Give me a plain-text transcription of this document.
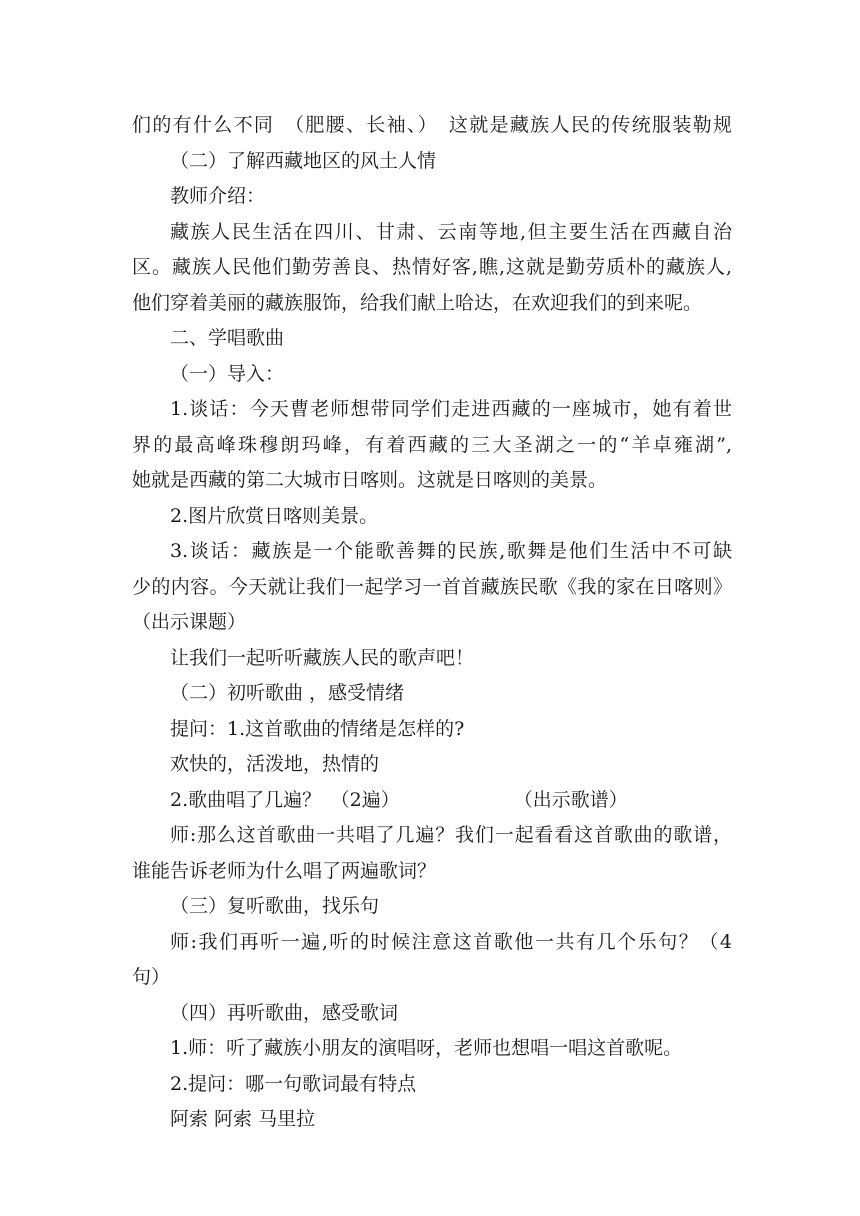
们的有什么不同　（肥腰、长袖、）　这就是藏族人民的传统服装勒规
（二）了解西藏地区的风土人情
教师介绍：
藏族人民生活在四川、甘肃、云南等地,但主要生活在西藏自治
区。藏族人民他们勤劳善良、热情好客,瞧,这就是勤劳质朴的藏族人,
他们穿着美丽的藏族服饰，给我们献上哈达，在欢迎我们的到来呢。
二、学唱歌曲
（一）导入：
1.谈话：今天曹老师想带同学们走进西藏的一座城市，她有着世
界的最高峰珠穆朗玛峰，有着西藏的三大圣湖之一的“羊卓雍湖”,
她就是西藏的第二大城市日喀则。这就是日喀则的美景。
2.图片欣赏日喀则美景。
3.谈话：藏族是一个能歌善舞的民族,歌舞是他们生活中不可缺
少的内容。今天就让我们一起学习一首首藏族民歌《我的家在日喀则》
（出示课题）
让我们一起听听藏族人民的歌声吧！
（二）初听歌曲 ，感受情绪
提问：1.这首歌曲的情绪是怎样的?
欢快的，活泼地，热情的
2.歌曲唱了几遍？　（2遍）　　　　　　　（出示歌谱）
师:那么这首歌曲一共唱了几遍？我们一起看看这首歌曲的歌谱，
谁能告诉老师为什么唱了两遍歌词？
（三）复听歌曲，找乐句
师:我们再听一遍,听的时候注意这首歌他一共有几个乐句？（4
句）
（四）再听歌曲，感受歌词
1.师：听了藏族小朋友的演唱呀，老师也想唱一唱这首歌呢。
2.提问：哪一句歌词最有特点
阿索 阿索 马里拉
